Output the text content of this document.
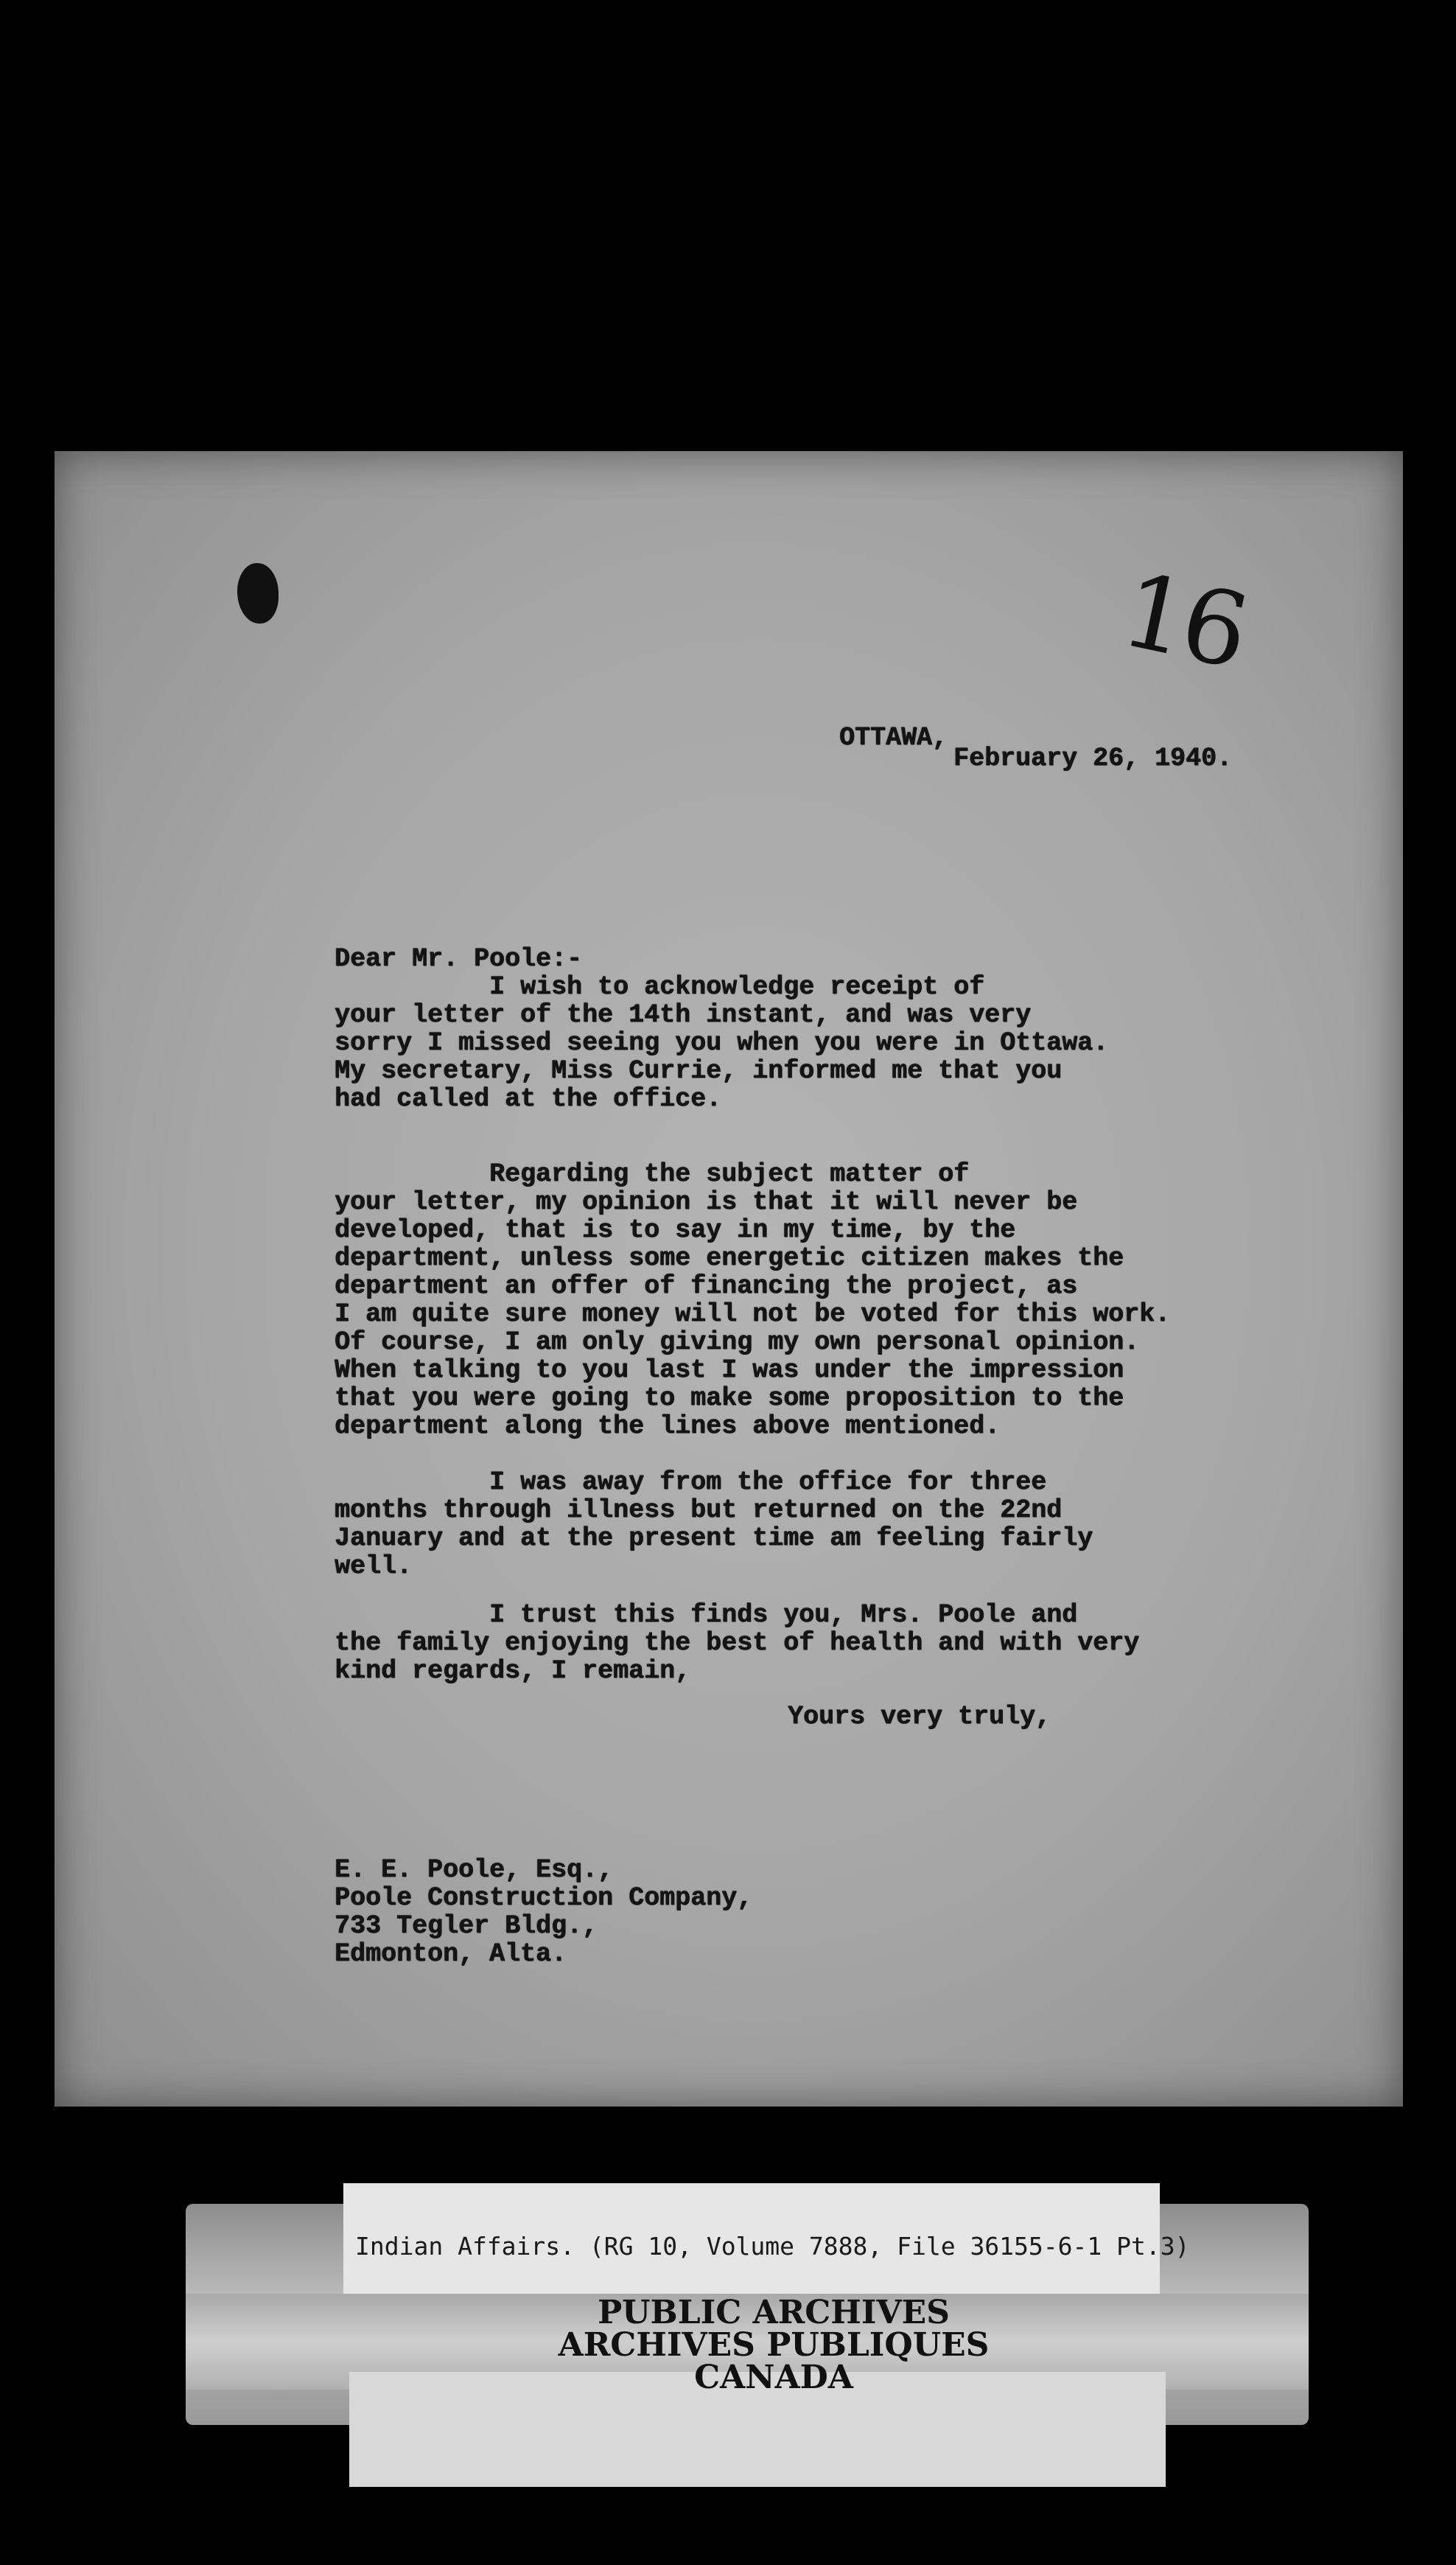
16
OTTAWA,
February 26, 1940.
Dear Mr. Poole:-
I wish to acknowledge receipt of
your letter of the 14th instant, and was very
sorry I missed seeing you when you were in Ottawa.
My secretary, Miss Currie, informed me that you
had called at the office.
Regarding the subject matter of
your letter, my opinion is that it will never be
developed, that is to say in my time, by the
department, unless some energetic citizen makes the
department an offer of financing the project, as
I am quite sure money will not be voted for this work.
Of course, I am only giving my own personal opinion.
When talking to you last I was under the impression
that you were going to make some proposition to the
department along the lines above mentioned.
I was away from the office for three
months through illness but returned on the 22nd
January and at the present time am feeling fairly
well.
I trust this finds you, Mrs. Poole and
the family enjoying the best of health and with very
kind regards, I remain,
Yours very truly,
E. E. Poole, Esq.,
Poole Construction Company,
733 Tegler Bldg.,
Edmonton, Alta.
Indian Affairs. (RG 10, Volume 7888, File 36155-6-1 Pt.3)
PUBLIC ARCHIVES
ARCHIVES PUBLIQUES
CANADA
